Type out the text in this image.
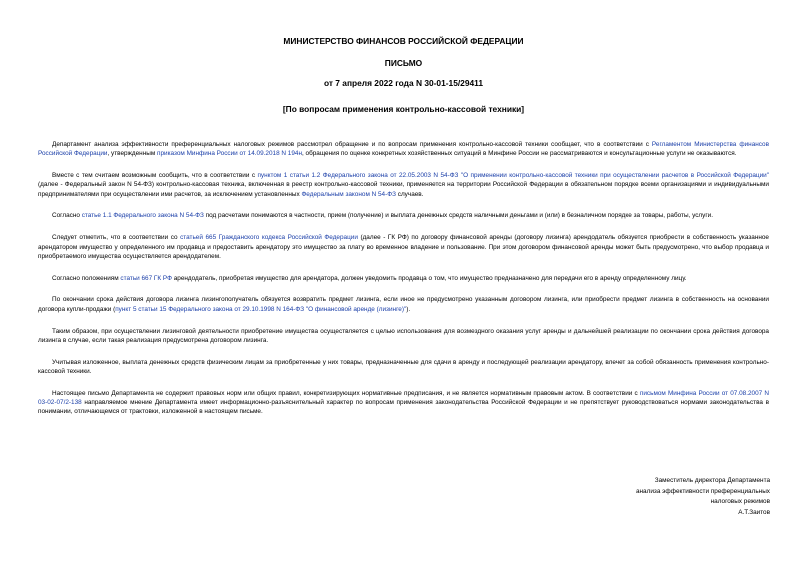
МИНИСТЕРСТВО ФИНАНСОВ РОССИЙСКОЙ ФЕДЕРАЦИИ
ПИСЬМО
от 7 апреля 2022 года N 30-01-15/29411
[По вопросам применения контрольно-кассовой техники]

Департамент анализа эффективности преференциальных налоговых режимов рассмотрел обращение и по вопросам применения контрольно-кассовой техники сообщает, что в соответствии с Регламентом Министерства финансов Российской Федерации, утвержденным приказом Минфина России от 14.09.2018 N 194н, обращения по оценке конкретных хозяйственных ситуаций в Минфине России не рассматриваются и консультационные услуги не оказываются.

Вместе с тем считаем возможным сообщить, что в соответствии с пунктом 1 статьи 1.2 Федерального закона от 22.05.2003 N 54-ФЗ "О применении контрольно-кассовой техники при осуществлении расчетов в Российской Федерации" (далее - Федеральный закон N 54-ФЗ) контрольно-кассовая техника, включенная в реестр контрольно-кассовой техники, применяется на территории Российской Федерации в обязательном порядке всеми организациями и индивидуальными предпринимателями при осуществлении ими расчетов, за исключением установленных Федеральным законом N 54-ФЗ случаев.

Согласно статье 1.1 Федерального закона N 54-ФЗ под расчетами понимаются в частности, прием (получение) и выплата денежных средств наличными деньгами и (или) в безналичном порядке за товары, работы, услуги.

Следует отметить, что в соответствии со статьей 665 Гражданского кодекса Российской Федерации (далее - ГК РФ) по договору финансовой аренды (договору лизинга) арендодатель обязуется приобрести в собственность указанное арендатором имущество у определенного им продавца и предоставить арендатору это имущество за плату во временное владение и пользование. При этом договором финансовой аренды может быть предусмотрено, что выбор продавца и приобретаемого имущества осуществляется арендодателем.

Согласно положениям статьи 667 ГК РФ арендодатель, приобретая имущество для арендатора, должен уведомить продавца о том, что имущество предназначено для передачи его в аренду определенному лицу.

По окончании срока действия договора лизинга лизингополучатель обязуется возвратить предмет лизинга, если иное не предусмотрено указанным договором лизинга, или приобрести предмет лизинга в собственность на основании договора купли-продажи (пункт 5 статьи 15 Федерального закона от 29.10.1998 N 164-ФЗ "О финансовой аренде (лизинге)").

Таким образом, при осуществлении лизинговой деятельности приобретение имущества осуществляется с целью использования для возмездного оказания услуг аренды и дальнейшей реализации по окончании срока действия договора лизинга в случае, если такая реализация предусмотрена договором лизинга.

Учитывая изложенное, выплата денежных средств физическим лицам за приобретенные у них товары, предназначенные для сдачи в аренду и последующей реализации арендатору, влечет за собой обязанность применения контрольно-кассовой техники.

Настоящее письмо Департамента не содержит правовых норм или общих правил, конкретизирующих нормативные предписания, и не является нормативным правовым актом. В соответствии с письмом Минфина России от 07.08.2007 N 03-02-07/2-138 направляемое мнение Департамента имеет информационно-разъяснительный характер по вопросам применения законодательства Российской Федерации и не препятствует руководствоваться нормами законодательства в понимании, отличающемся от трактовки, изложенной в настоящем письме.

Заместитель директора Департамента
анализа эффективности преференциальных
налоговых режимов
А.Т.Заитов
